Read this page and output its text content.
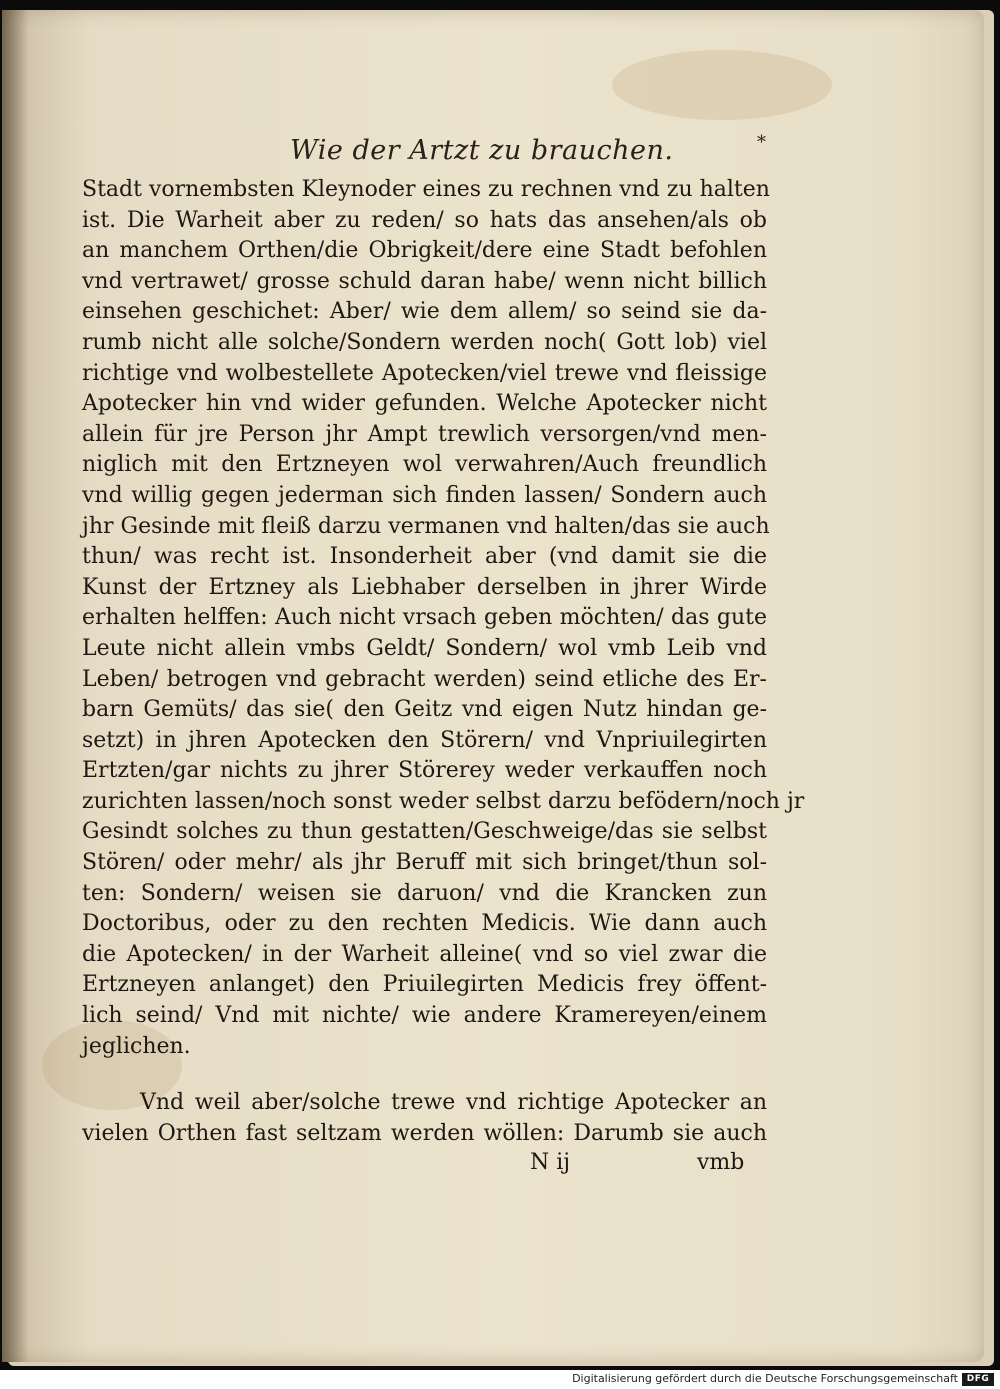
Wie der Artzt zu brauchen.	*
Stadt vornembsten Kleynoder eines zu rechnen vnd zu halten
ist. Die Warheit aber zu reden/ so hats das ansehen/als ob
an manchem Orthen/die Obrigkeit/dere eine Stadt befohlen
vnd vertrawet/ grosse schuld daran habe/ wenn nicht billich
einsehen geschichet: Aber/ wie dem allem/ so seind sie da-
rumb nicht alle solche/Sondern werden noch( Gott lob) viel
richtige vnd wolbestellete Apotecken/viel trewe vnd fleissige
Apotecker hin vnd wider gefunden. Welche Apotecker nicht
allein für jre Person jhr Ampt trewlich versorgen/vnd men-
niglich mit den Ertzneyen wol verwahren/Auch freundlich
vnd willig gegen jederman sich finden lassen/ Sondern auch
jhr Gesinde mit fleiß darzu vermanen vnd halten/das sie auch
thun/ was recht ist. Insonderheit aber (vnd damit sie die
Kunst der Ertzney als Liebhaber derselben in jhrer Wirde
erhalten helffen: Auch nicht vrsach geben möchten/ das gute
Leute nicht allein vmbs Geldt/ Sondern/ wol vmb Leib vnd
Leben/ betrogen vnd gebracht werden) seind etliche des Er-
barn Gemüts/ das sie( den Geitz vnd eigen Nutz hindan ge-
setzt) in jhren Apotecken den Störern/ vnd Vnpriuilegirten
Ertzten/gar nichts zu jhrer Störerey weder verkauffen noch
zurichten lassen/noch sonst weder selbst darzu befödern/noch jr
Gesindt solches zu thun gestatten/Geschweige/das sie selbst
Stören/ oder mehr/ als jhr Beruff mit sich bringet/thun sol-
ten: Sondern/ weisen sie daruon/ vnd die Krancken zun
Doctoribus, oder zu den rechten Medicis. Wie dann auch
die Apotecken/ in der Warheit alleine( vnd so viel zwar die
Ertzneyen anlanget) den Priuilegirten Medicis frey öffent-
lich seind/ Vnd mit nichte/ wie andere Kramereyen/einem
jeglichen.
Vnd weil aber/solche trewe vnd richtige Apotecker an
vielen Orthen fast seltzam werden wöllen: Darumb sie auch
N ij	vmb
Digitalisierung gefördert durch die Deutsche Forschungsgemeinschaft DFG
